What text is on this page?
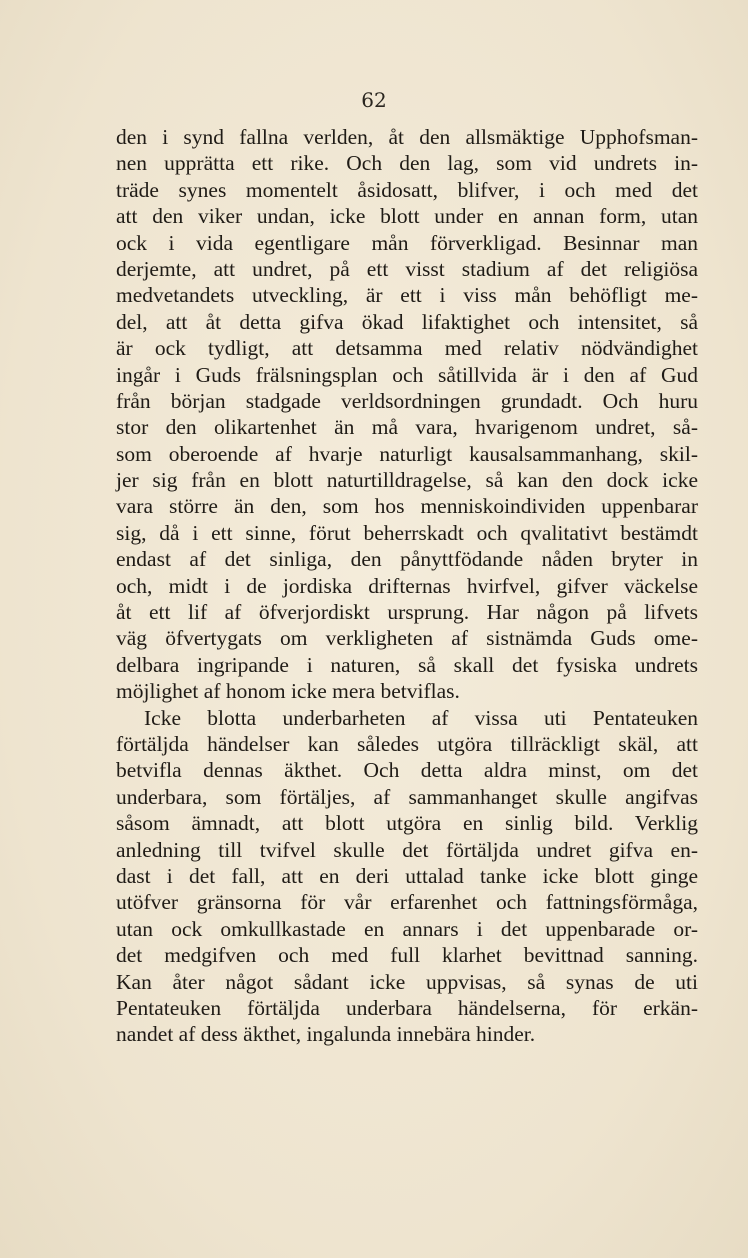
62
den i synd fallna verlden, åt den allsmäktige Upphofsman-
nen upprätta ett rike. Och den lag, som vid undrets in-
träde synes momentelt åsidosatt, blifver, i och med det
att den viker undan, icke blott under en annan form, utan
ock i vida egentligare mån förverkligad. Besinnar man
derjemte, att undret, på ett visst stadium af det religiösa
medvetandets utveckling, är ett i viss mån behöfligt me-
del, att åt detta gifva ökad lifaktighet och intensitet, så
är ock tydligt, att detsamma med relativ nödvändighet
ingår i Guds frälsningsplan och såtillvida är i den af Gud
från början stadgade verldsordningen grundadt. Och huru
stor den olikartenhet än må vara, hvarigenom undret, så-
som oberoende af hvarje naturligt kausalsammanhang, skil-
jer sig från en blott naturtilldragelse, så kan den dock icke
vara större än den, som hos menniskoindividen uppenbarar
sig, då i ett sinne, förut beherrskadt och qvalitativt bestämdt
endast af det sinliga, den pånyttfödande nåden bryter in
och, midt i de jordiska drifternas hvirfvel, gifver väckelse
åt ett lif af öfverjordiskt ursprung. Har någon på lifvets
väg öfvertygats om verkligheten af sistnämda Guds ome-
delbara ingripande i naturen, så skall det fysiska undrets
möjlighet af honom icke mera betviflas.
Icke blotta underbarheten af vissa uti Pentateuken
förtäljda händelser kan således utgöra tillräckligt skäl, att
betvifla dennas äkthet. Och detta aldra minst, om det
underbara, som förtäljes, af sammanhanget skulle angifvas
såsom ämnadt, att blott utgöra en sinlig bild. Verklig
anledning till tvifvel skulle det förtäljda undret gifva en-
dast i det fall, att en deri uttalad tanke icke blott ginge
utöfver gränsorna för vår erfarenhet och fattningsförmåga,
utan ock omkullkastade en annars i det uppenbarade or-
det medgifven och med full klarhet bevittnad sanning.
Kan åter något sådant icke uppvisas, så synas de uti
Pentateuken förtäljda underbara händelserna, för erkän-
nandet af dess äkthet, ingalunda innebära hinder.
